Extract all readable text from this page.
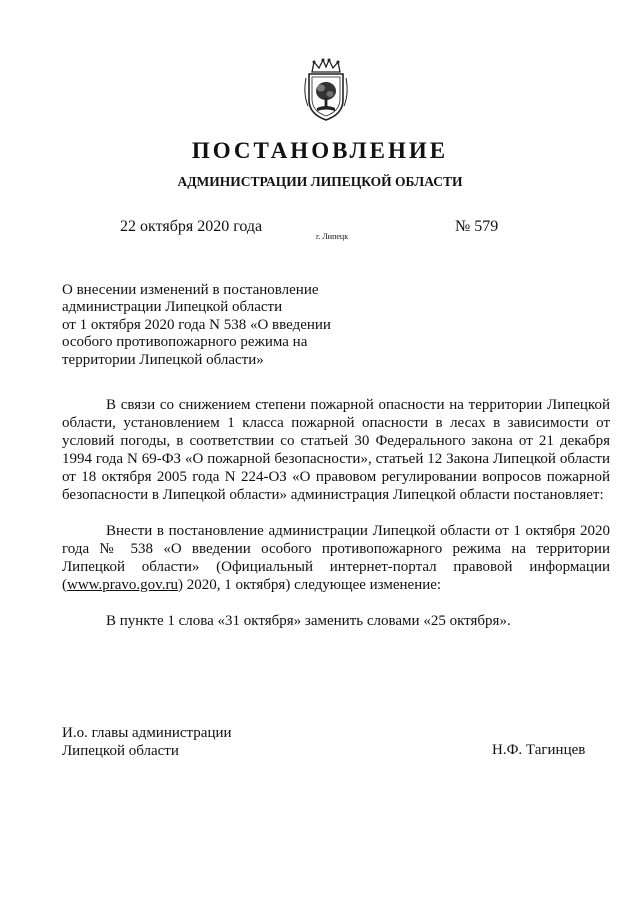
ПОСТАНОВЛЕНИЕ
АДМИНИСТРАЦИИ ЛИПЕЦКОЙ ОБЛАСТИ
22 октября 2020 года
г. Липецк
№ 579
О внесении изменений в постановление
администрации Липецкой области
от 1 октября 2020 года N 538 «О введении
особого противопожарного режима на
территории Липецкой области»

В связи со снижением степени пожарной опасности на территории Липецкой области, установлением 1 класса пожарной опасности в лесах в зависимости от условий погоды, в соответствии со статьей 30 Федерального закона от 21 декабря 1994 года N 69-ФЗ «О пожарной безопасности», статьей 12 Закона Липецкой области от 18 октября 2005 года N 224-ОЗ «О правовом регулировании вопросов пожарной безопасности в Липецкой области» администрация Липецкой области постановляет:

Внести в постановление администрации Липецкой области от 1 октября 2020 года № 538 «О введении особого противопожарного режима на территории Липецкой области» (Официальный интернет-портал правовой информации (www.pravo.gov.ru) 2020, 1 октября) следующее изменение:

В пункте 1 слова «31 октября» заменить словами «25 октября».

И.о. главы администрации
Липецкой области	Н.Ф. Тагинцев
